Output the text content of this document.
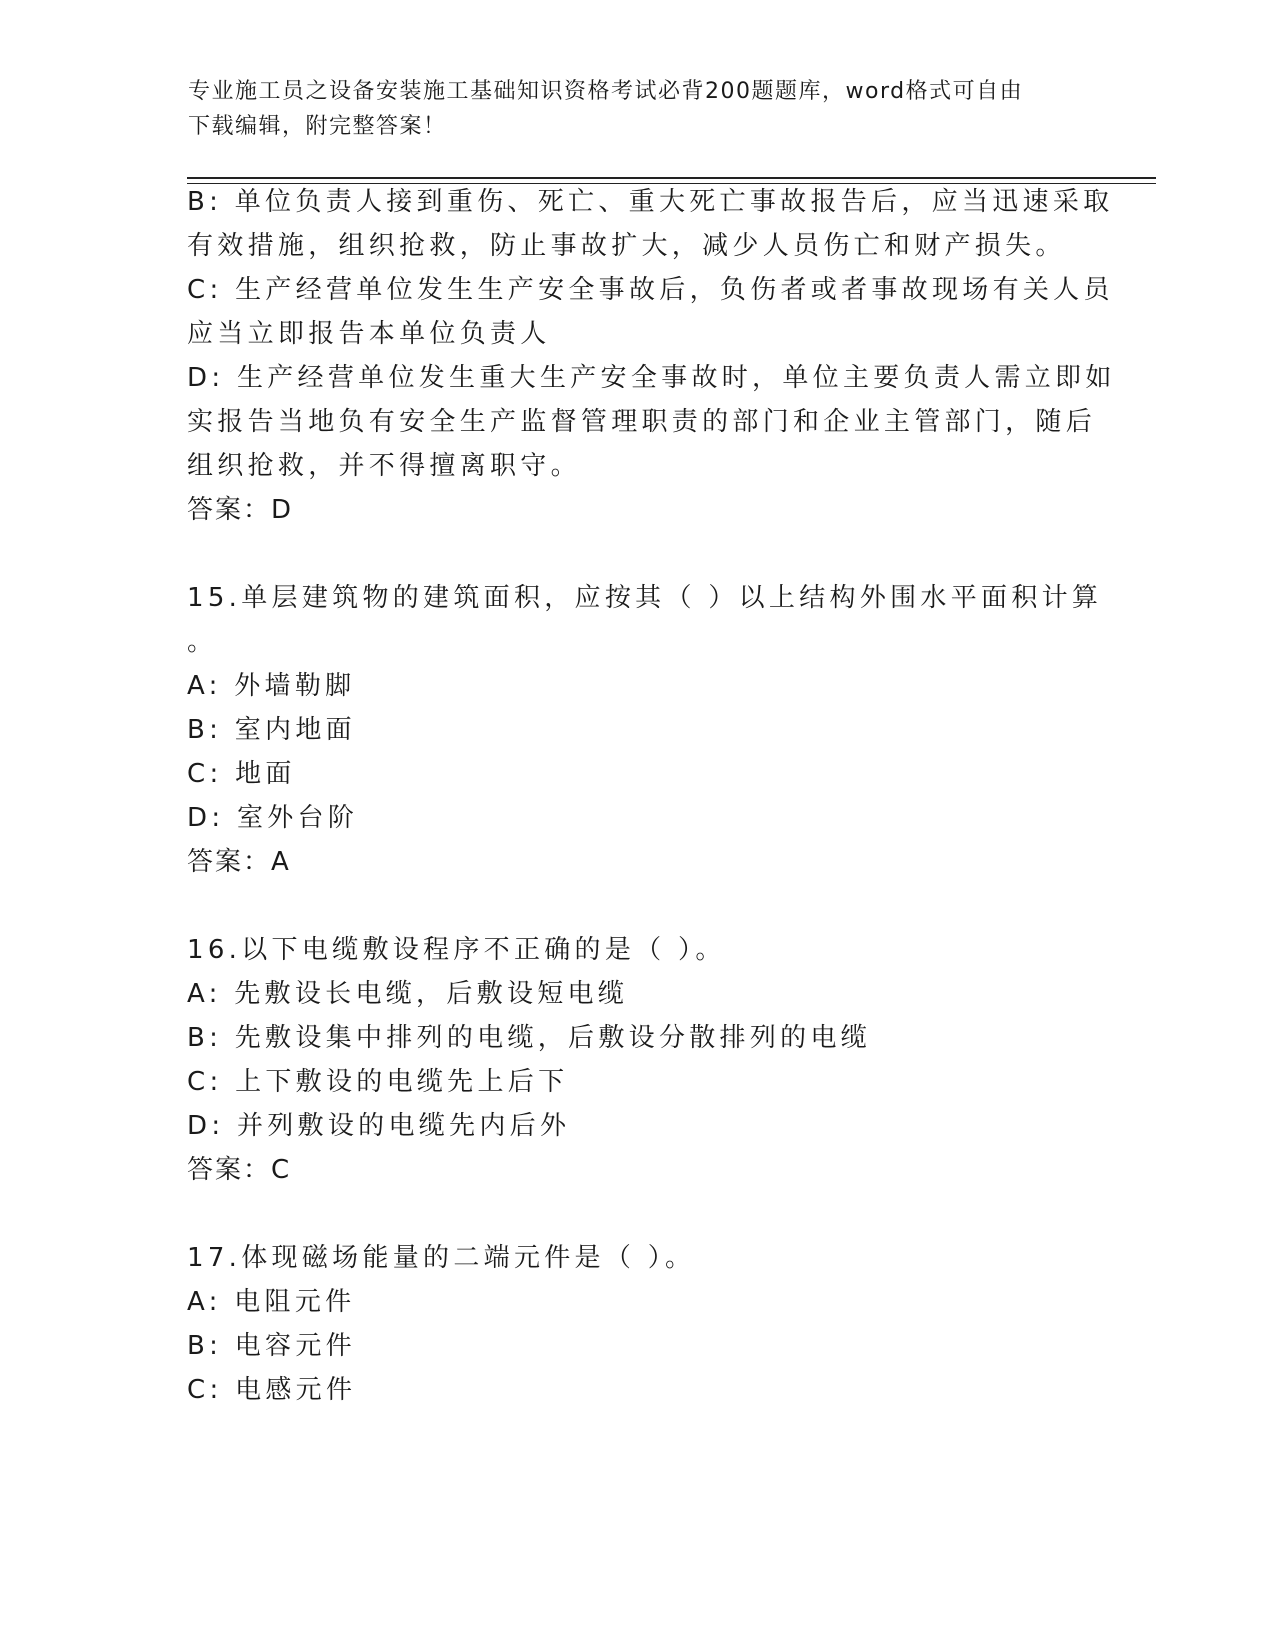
专业施工员之设备安装施工基础知识资格考试必背200题题库，word格式可自由
下载编辑，附完整答案！
B: 单位负责人接到重伤、死亡、重大死亡事故报告后，应当迅速采取
有效措施，组织抢救，防止事故扩大，减少人员伤亡和财产损失。
C: 生产经营单位发生生产安全事故后，负伤者或者事故现场有关人员
应当立即报告本单位负责人
D: 生产经营单位发生重大生产安全事故时，单位主要负责人需立即如
实报告当地负有安全生产监督管理职责的部门和企业主管部门，随后
组织抢救，并不得擅离职守。
答案：D
15.单层建筑物的建筑面积，应按其（ ）以上结构外围水平面积计算
。
A: 外墙勒脚
B: 室内地面
C: 地面
D: 室外台阶
答案：A
16.以下电缆敷设程序不正确的是（ ）。
A: 先敷设长电缆，后敷设短电缆
B: 先敷设集中排列的电缆，后敷设分散排列的电缆
C: 上下敷设的电缆先上后下
D: 并列敷设的电缆先内后外
答案：C
17.体现磁场能量的二端元件是（ ）。
A: 电阻元件
B: 电容元件
C: 电感元件
